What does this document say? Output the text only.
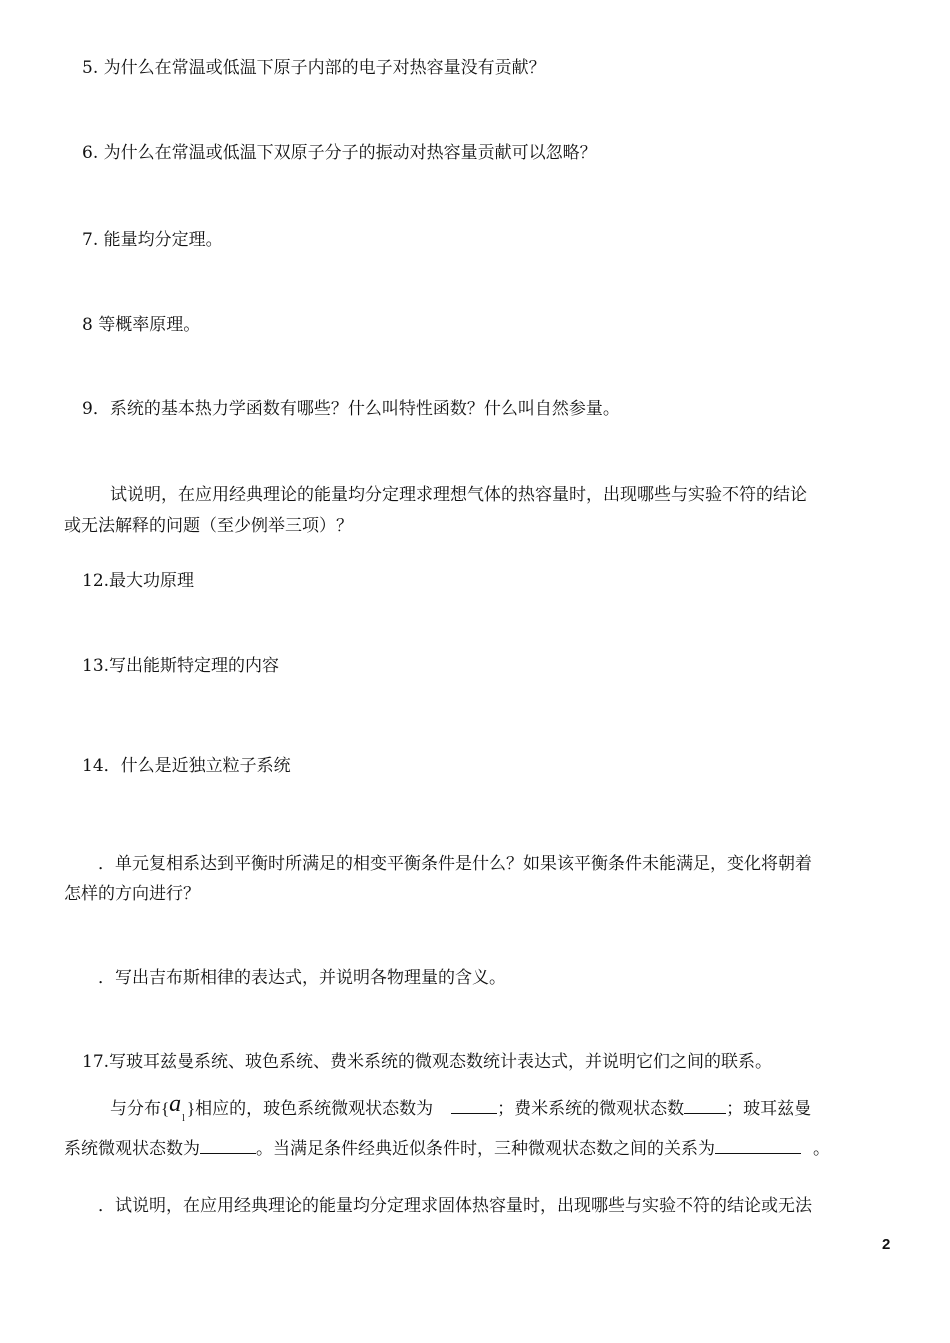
5. 为什么在常温或低温下原子内部的电子对热容量没有贡献？
6. 为什么在常温或低温下双原子分子的振动对热容量贡献可以忽略？
7. 能量均分定理。
8 等概率原理。
9．系统的基本热力学函数有哪些？什么叫特性函数？什么叫自然参量。
试说明，在应用经典理论的能量均分定理求理想气体的热容量时，出现哪些与实验不符的结论
或无法解释的问题（至少例举三项）？
12.最大功原理
13.写出能斯特定理的内容
14．什么是近独立粒子系统
．单元复相系达到平衡时所满足的相变平衡条件是什么？如果该平衡条件未能满足，变化将朝着
怎样的方向进行？
．写出吉布斯相律的表达式，并说明各物理量的含义。
17.写玻耳兹曼系统、玻色系统、费米系统的微观态数统计表达式，并说明它们之间的联系。
与分布$\{a_l\}$相应的，玻色系统微观状态数为	；费米系统的微观状态数 ；玻耳兹曼
系统微观状态数为	。当满足条件经典近似条件时，三种微观状态数之间的关系为	。
．试说明，在应用经典理论的能量均分定理求固体热容量时，出现哪些与实验不符的结论或无法
2
